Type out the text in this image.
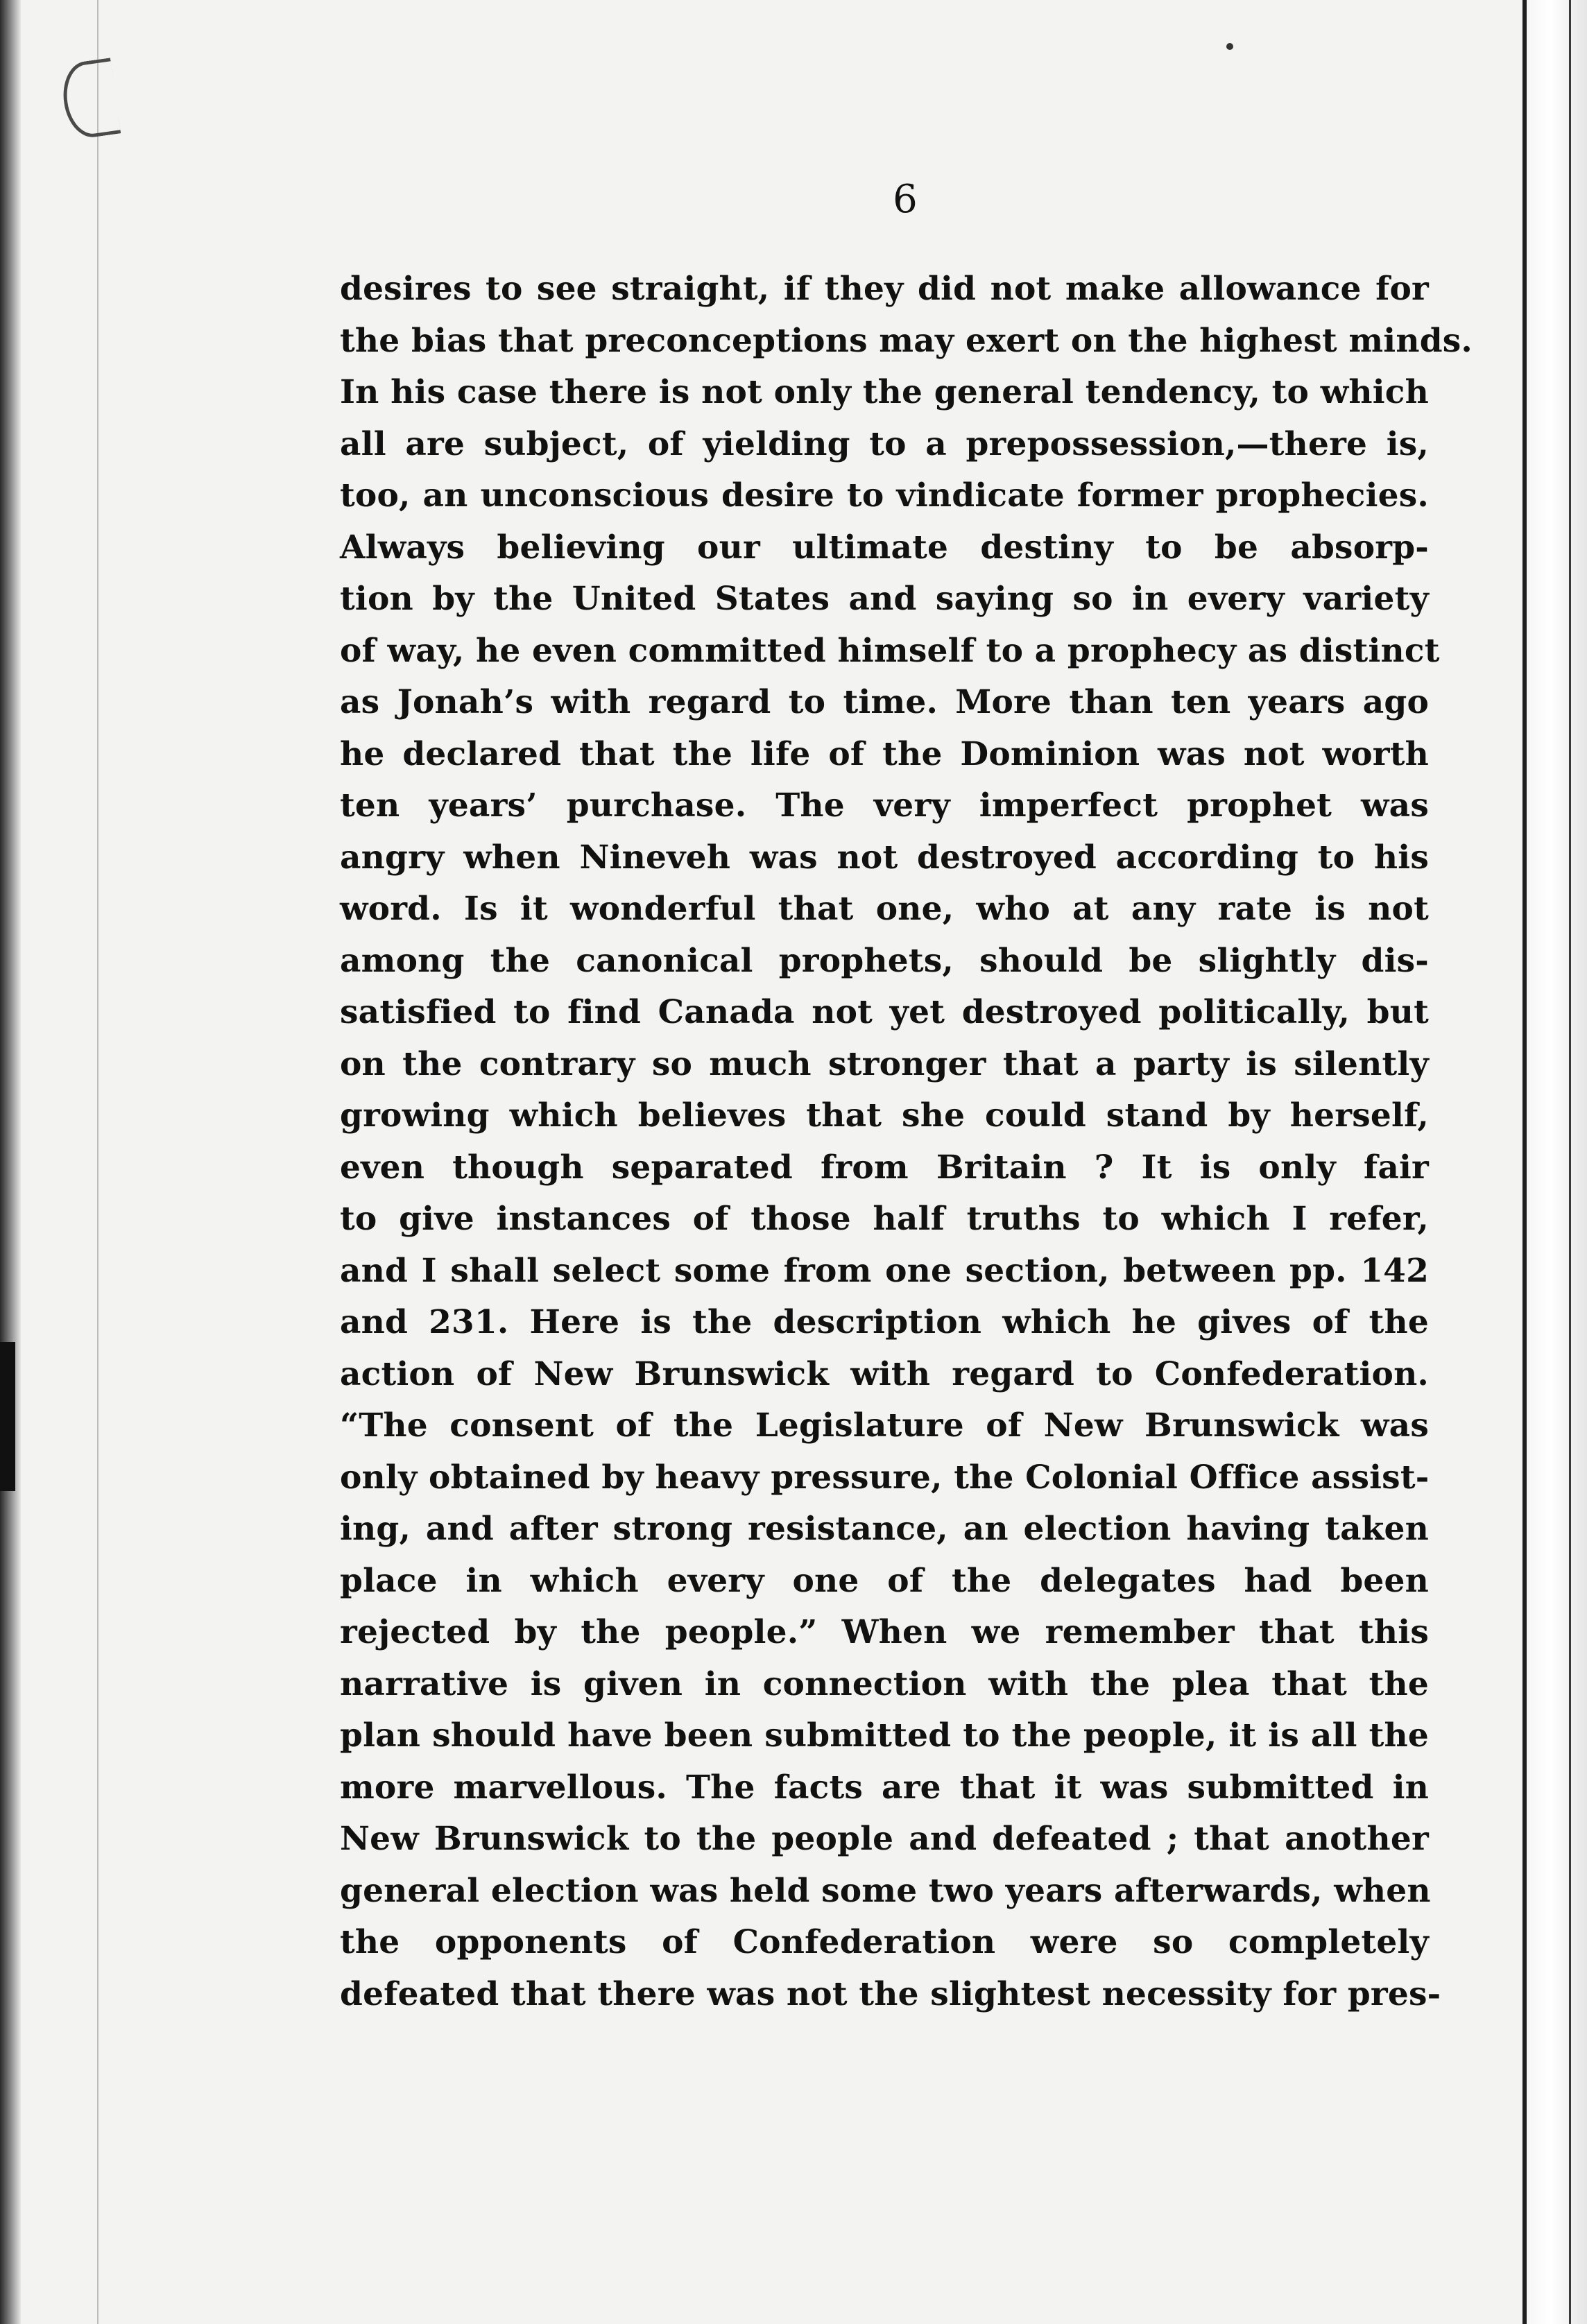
6
desires to see straight, if they did not make allowance for
the bias that preconceptions may exert on the highest minds.
In his case there is not only the general tendency, to which
all are subject, of yielding to a prepossession,—there is,
too, an unconscious desire to vindicate former prophecies.
Always believing our ultimate destiny to be absorp-
tion by the United States and saying so in every variety
of way, he even committed himself to a prophecy as distinct
as Jonah’s with regard to time. More than ten years ago
he declared that the life of the Dominion was not worth
ten years’ purchase. The very imperfect prophet was
angry when Nineveh was not destroyed according to his
word. Is it wonderful that one, who at any rate is not
among the canonical prophets, should be slightly dis-
satisfied to find Canada not yet destroyed politically, but
on the contrary so much stronger that a party is silently
growing which believes that she could stand by herself,
even though separated from Britain ? It is only fair
to give instances of those half truths to which I refer,
and I shall select some from one section, between pp. 142
and 231. Here is the description which he gives of the
action of New Brunswick with regard to Confederation.
“The consent of the Legislature of New Brunswick was
only obtained by heavy pressure, the Colonial Office assist-
ing, and after strong resistance, an election having taken
place in which every one of the delegates had been
rejected by the people.” When we remember that this
narrative is given in connection with the plea that the
plan should have been submitted to the people, it is all the
more marvellous. The facts are that it was submitted in
New Brunswick to the people and defeated ; that another
general election was held some two years afterwards, when
the opponents of Confederation were so completely
defeated that there was not the slightest necessity for pres-
